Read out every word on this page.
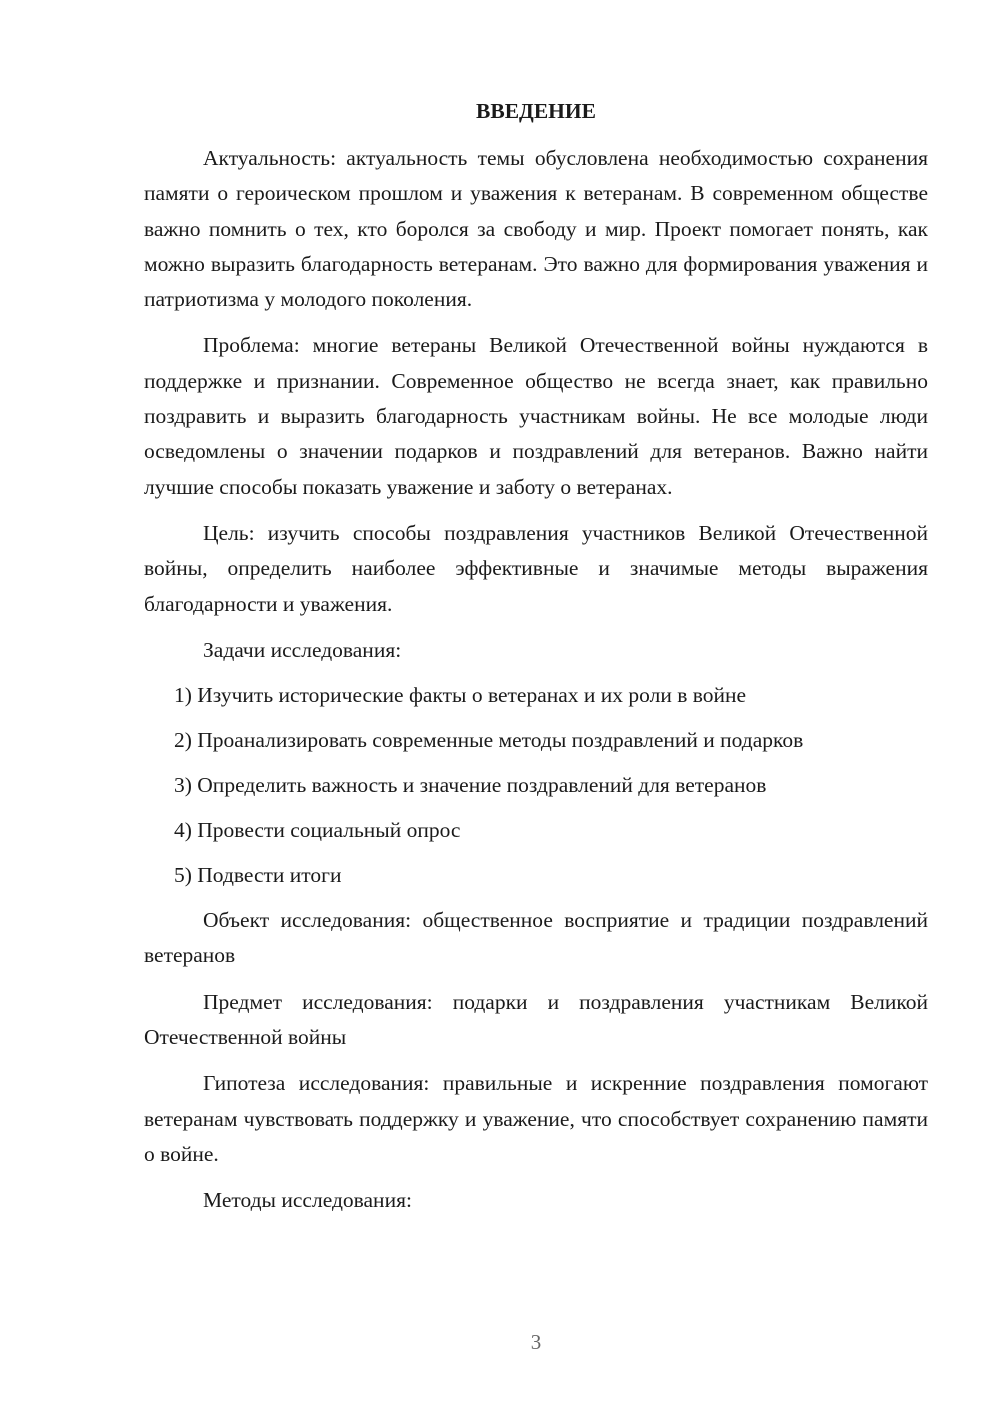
ВВЕДЕНИЕ

Актуальность: актуальность темы обусловлена необходимостью сохранения памяти о героическом прошлом и уважения к ветеранам. В современном обществе важно помнить о тех, кто боролся за свободу и мир. Проект помогает понять, как можно выразить благодарность ветеранам. Это важно для формирования уважения и патриотизма у молодого поколения.

Проблема: многие ветераны Великой Отечественной войны нуждаются в поддержке и признании. Современное общество не всегда знает, как правильно поздравить и выразить благодарность участникам войны. Не все молодые люди осведомлены о значении подарков и поздравлений для ветеранов. Важно найти лучшие способы показать уважение и заботу о ветеранах.

Цель: изучить способы поздравления участников Великой Отечественной войны, определить наиболее эффективные и значимые методы выражения благодарности и уважения.

Задачи исследования:

1) Изучить исторические факты о ветеранах и их роли в войне
2) Проанализировать современные методы поздравлений и подарков
3) Определить важность и значение поздравлений для ветеранов
4) Провести социальный опрос
5) Подвести итоги

Объект исследования: общественное восприятие и традиции поздравлений ветеранов

Предмет исследования: подарки и поздравления участникам Великой Отечественной войны

Гипотеза исследования: правильные и искренние поздравления помогают ветеранам чувствовать поддержку и уважение, что способствует сохранению памяти о войне.

Методы исследования:

3
